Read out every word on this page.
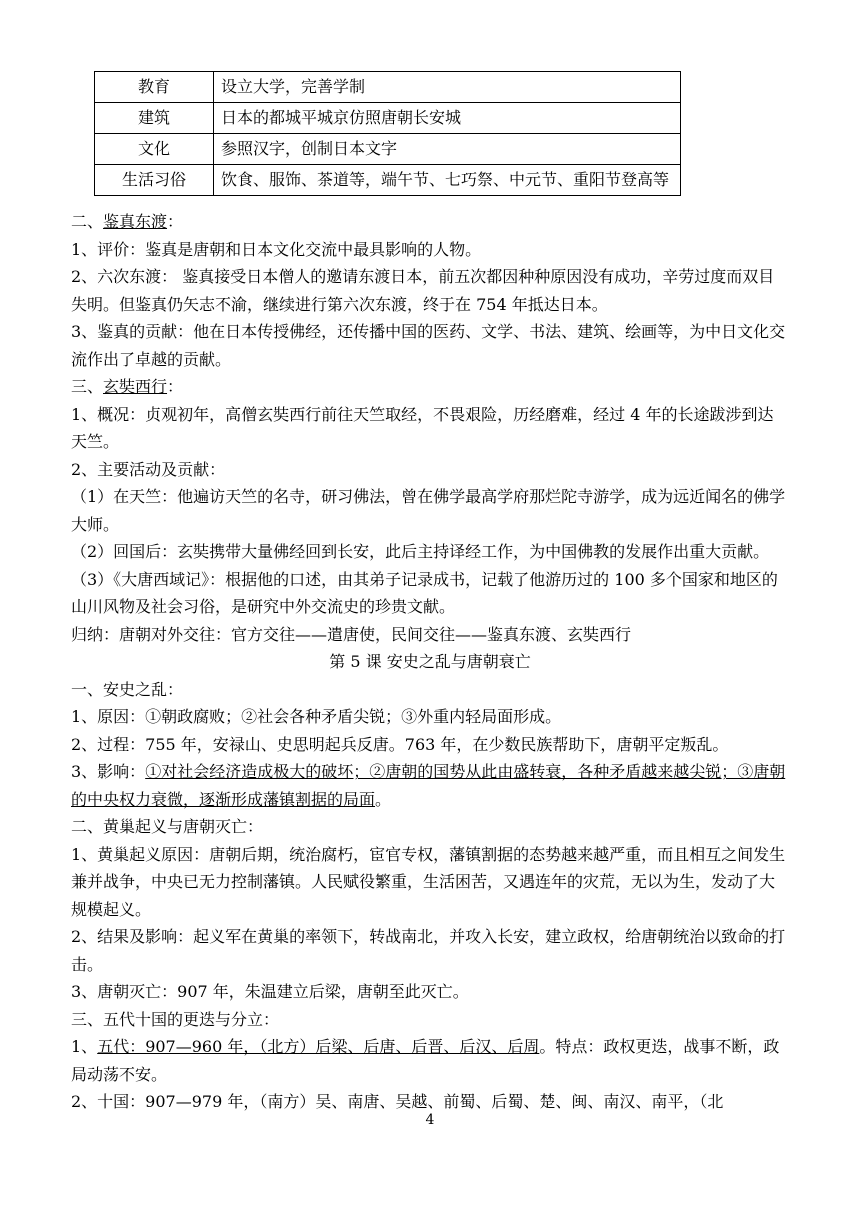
教育	设立大学，完善学制
建筑	日本的都城平城京仿照唐朝长安城
文化	参照汉字，创制日本文字
生活习俗	饮食、服饰、茶道等，端午节、七巧祭、中元节、重阳节登高等

二、鉴真东渡：

1、评价：鉴真是唐朝和日本文化交流中最具影响的人物。

2、六次东渡： 鉴真接受日本僧人的邀请东渡日本，前五次都因种种原因没有成功，辛劳过度而双目失明。但鉴真仍矢志不渝，继续进行第六次东渡，终于在 754 年抵达日本。

3、鉴真的贡献：他在日本传授佛经，还传播中国的医药、文学、书法、建筑、绘画等，为中日文化交流作出了卓越的贡献。

三、玄奘西行：

1、概况：贞观初年，高僧玄奘西行前往天竺取经，不畏艰险，历经磨难，经过 4 年的长途跋涉到达天竺。

2、主要活动及贡献：

（1）在天竺：他遍访天竺的名寺，研习佛法，曾在佛学最高学府那烂陀寺游学，成为远近闻名的佛学大师。

（2）回国后：玄奘携带大量佛经回到长安，此后主持译经工作，为中国佛教的发展作出重大贡献。

（3）《大唐西域记》：根据他的口述，由其弟子记录成书，记载了他游历过的 100 多个国家和地区的山川风物及社会习俗，是研究中外交流史的珍贵文献。

归纳：唐朝对外交往：官方交往——遣唐使，民间交往——鉴真东渡、玄奘西行

第 5 课 安史之乱与唐朝衰亡

一、安史之乱：

1、原因：①朝政腐败；②社会各种矛盾尖锐；③外重内轻局面形成。

2、过程：755 年，安禄山、史思明起兵反唐。763 年，在少数民族帮助下，唐朝平定叛乱。

3、影响：①对社会经济造成极大的破坏；②唐朝的国势从此由盛转衰，各种矛盾越来越尖锐；③唐朝的中央权力衰微，逐渐形成藩镇割据的局面。

二、黄巢起义与唐朝灭亡：

1、黄巢起义原因：唐朝后期，统治腐朽，宦官专权，藩镇割据的态势越来越严重，而且相互之间发生兼并战争，中央已无力控制藩镇。人民赋役繁重，生活困苦，又遇连年的灾荒，无以为生，发动了大规模起义。

2、结果及影响：起义军在黄巢的率领下，转战南北，并攻入长安，建立政权，给唐朝统治以致命的打击。

3、唐朝灭亡：907 年，朱温建立后梁，唐朝至此灭亡。

三、五代十国的更迭与分立：

1、五代：907—960 年，（北方）后梁、后唐、后晋、后汉、后周。特点：政权更迭，战事不断，政局动荡不安。

2、十国：907—979 年，（南方）吴、南唐、吴越、前蜀、后蜀、楚、闽、南汉、南平，（北

4
